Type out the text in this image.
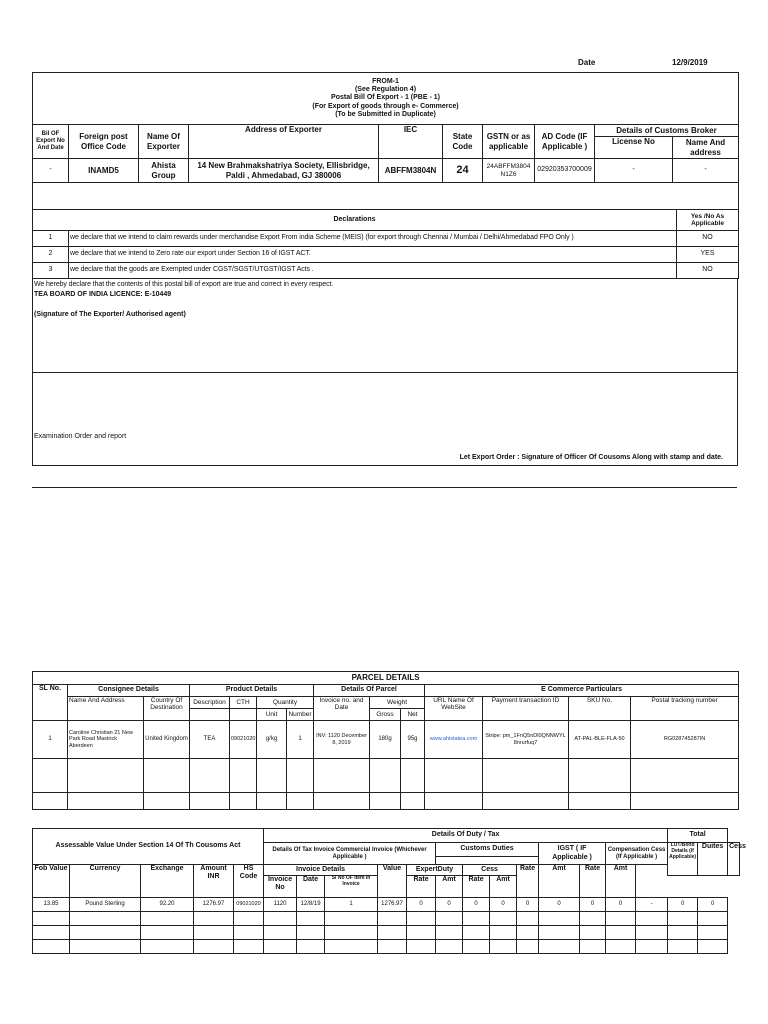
Date	12/9/2019
FROM-1
(See Regulation 4)
Postal Bill Of Export - 1 (PBE - 1)
(For Export of goods through e- Commerce)
(To be Submitted in Duplicate)									

Bil OF Export No And Date	Foreign post Office Code	Name Of Exporter	Address of Exporter	IEC	State Code	GSTN or as applicable	AD Code (IF Applicable )	Details of Customs Broker	
								License No	Name And address
-	INAMD5	Ahista Group	14 New Brahmakshatriya Society, Ellisbridge, Paldi , Ahmedabad, GJ 380006	ABFFM3804N	24	24ABFFM3804 N1Z6	02920353700009	-	-

Declarations		Yes /No As Applicable
1	we declare that we intend to claim rewards under merchandise Export From india Scheme (MEIS) (for export through Chennai / Mumbai / Delhi/Ahmedabad FPO Only )	NO
2	we declare that we intend to Zero rate our export under Section 16 of IGST ACT.	YES
3	we declare that the goods are Exempted under CGST/SGST/UTGST/IGST Acts .	NO
We hereby declare that the contents of this postal bill of export are true and correct in every respect.
TEA BOARD OF INDIA LICENCE: E-10449
(Signature of The Exporter/ Authorised agent)
Examination Order and report
Let Export Order : Signature of Officer Of Cousoms Along with stamp and date.
PARCEL DETAILS													
SL No.	Consignee Details		Product Details				Details Of Parcel			E Commerce Particulars			
	Name And Address	Country Of Destination	Description	CTH	Quantity		Invoice no. and Date	Weight		URL Name Of WebSite	Payment transaction ID	SKU No.	Postal tracking number
					Unit	Number		Gross	Net				
1	Caroline Christian 21 New Park Road Mastrick Aberdeen	United Kingdom	TEA	09021020	g/kg	1	INV: 1120 December 8, 2019	180g	95g	www.ahistatea.com	Stripe: pm_1FnQ5nDl0QNNWYL8nrurfuq7	AT-PAL-BLE-FLA-50	RG028745287IN

Assessable Value Under Section 14 Of Th Cousoms Act					Details Of Duty / Tax													Total		
					Details Of Tax Invoice Commercial Invoice (Whichever Applicable )					Customs Duties				IGST ( IF Applicable )		Compensation Cess (If Applicable )		LUT/Bond Details (if Applicable)	Duites	Cess

Fob Value	Currency	Exchange	Amount INR	HS Code	Invoice Details			Value	ExpertDuty		Cess		Rate	Amt	Rate	Amt				
					Invoice No	Date	Sl No OF Item In Invoice		Rate	Amt	Rate	Amt								
13.85	Pound Sterling	92.20	1276.97	09021020	1120	12/8/19	1	1276.97	0	0	0	0	0	0	0	0	-	0	0	
